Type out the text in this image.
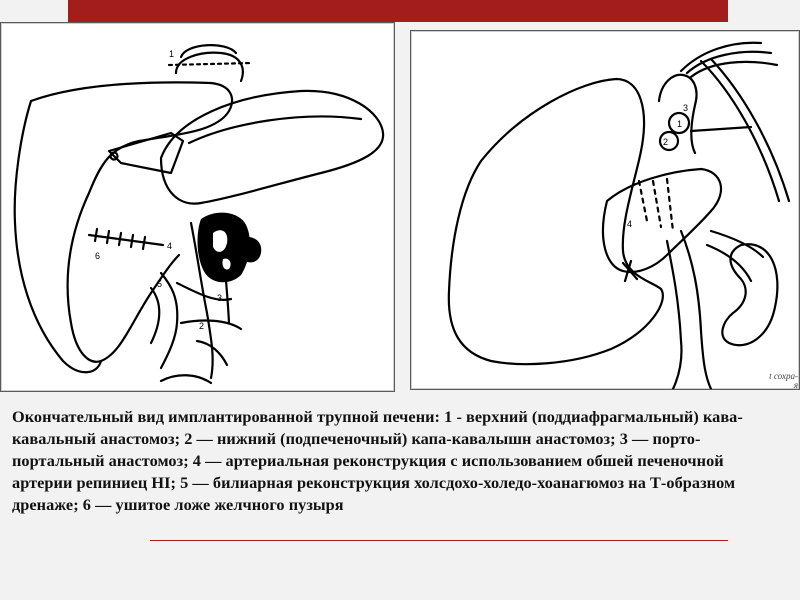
1
2
3
4
5
6
1
2
3
4
t сохра-
я
Окончательный вид имплантированной трупной печени: 1 - верхний (поддиафрагмальный) кава-кавальный анастомоз; 2 — нижний (подпеченочный) капа-кавалышн анастомоз; 3 — порто-портальный анастомоз; 4 — артериальная реконструкция с использованием обшей печеночной артерии репиниец HI; 5 — билиарная реконструкция холсдохо-холедо-хоанагюмоз на Т-образном дренаже; 6 — ушитое ложе желчного пузыря
